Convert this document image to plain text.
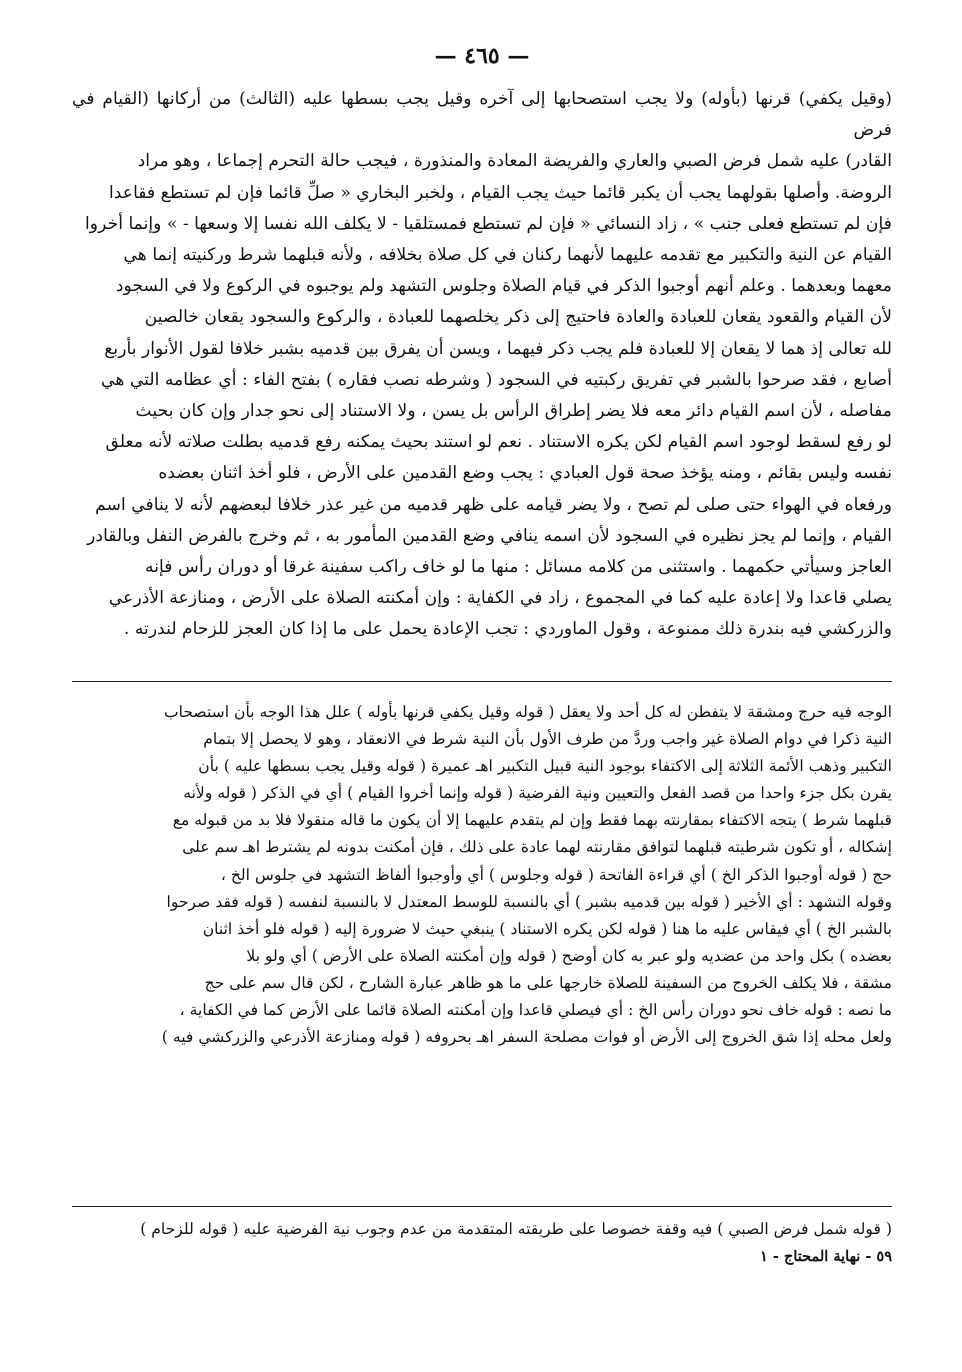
— ٤٦٥ —

(وقيل يكفي) قرنها (بأوله) ولا يجب استصحابها إلى آخره وقيل يجب بسطها عليه (الثالث) من أركانها (القيام في فرض

القادر) عليه شمل فرض الصبي والعاري والفريضة المعادة والمنذورة ، فيجب حالة التحرم إجماعا ، وهو مراد

الروضة. وأصلها بقولهما يجب أن يكبر قائما حيث يجب القيام ، ولخبر البخاري « صلِّ قائما فإن لم تستطع فقاعدا

فإن لم تستطع فعلى جنب » ، زاد النسائي « فإن لم تستطع فمستلقيا - لا يكلف الله نفسا إلا وسعها - » وإنما أخروا

القيام عن النية والتكبير مع تقدمه عليهما لأنهما ركنان في كل صلاة بخلافه ، ولأنه قبلهما شرط وركنيته إنما هي

معهما وبعدهما . وعلم أنهم أوجبوا الذكر في قيام الصلاة وجلوس التشهد ولم يوجبوه في الركوع ولا في السجود

لأن القيام والقعود يقعان للعبادة والعادة فاحتيج إلى ذكر يخلصهما للعبادة ، والركوع والسجود يقعان خالصين

لله تعالى إذ هما لا يقعان إلا للعبادة فلم يجب ذكر فيهما ، ويسن أن يفرق بين قدميه بشبر خلافا لقول الأنوار بأربع

أصابع ، فقد صرحوا بالشبر في تفريق ركبتيه في السجود ( وشرطه نصب فقاره ) بفتح الفاء : أي عظامه التي هي

مفاصله ، لأن اسم القيام دائر معه فلا يضر إطراق الرأس بل يسن ، ولا الاستناد إلى نحو جدار وإن كان بحيث

لو رفع لسقط لوجود اسم القيام لكن يكره الاستناد . نعم لو استند بحيث يمكنه رفع قدميه بطلت صلاته لأنه معلق

نفسه وليس بقائم ، ومنه يؤخذ صحة قول العبادي : يجب وضع القدمين على الأرض ، فلو أخذ اثنان بعضده

ورفعاه في الهواء حتى صلى لم تصح ، ولا يضر قيامه على ظهر قدميه من غير عذر خلافا لبعضهم لأنه لا ينافي اسم

القيام ، وإنما لم يجز نظيره في السجود لأن اسمه ينافي وضع القدمين المأمور به ، ثم وخرج بالفرض النفل وبالقادر

العاجز وسيأتي حكمهما . واستثنى من كلامه مسائل : منها ما لو خاف راكب سفينة غرقا أو دوران رأس فإنه

يصلي قاعدا ولا إعادة عليه كما في المجموع ، زاد في الكفاية : وإن أمكنته الصلاة على الأرض ، ومنازعة الأذرعي

والزركشي فيه بندرة ذلك ممنوعة ، وقول الماوردي : تجب الإعادة يحمل على ما إذا كان العجز للزحام لندرته .

الوجه فيه حرج ومشقة لا يتفطن له كل أحد ولا يعقل ( قوله وقيل يكفي قرنها بأوله ) علل هذا الوجه بأن استصحاب

النية ذكرا في دوام الصلاة غير واجب وردَّ من طرف الأول بأن النية شرط في الانعقاد ، وهو لا يحصل إلا بتمام

التكبير وذهب الأئمة الثلاثة إلى الاكتفاء بوجود النية قبيل التكبير اهـ عميرة ( قوله وقيل يجب بسطها عليه ) بأن

يقرن بكل جزء واحدا من قصد الفعل والتعيين ونية الفرضية ( قوله وإنما أخروا القيام ) أي في الذكر ( قوله ولأنه

قبلهما شرط ) يتجه الاكتفاء بمقارنته بهما فقط وإن لم يتقدم عليهما إلا أن يكون ما قاله منقولا فلا بد من قبوله مع

إشكاله ، أو تكون شرطيته قبلهما لتوافق مقارنته لهما عادة على ذلك ، فإن أمكنت بدونه لم يشترط اهـ سم على

حج ( قوله أوجبوا الذكر الخ ) أي قراءة الفاتحة ( قوله وجلوس ) أي وأوجبوا ألفاظ التشهد في جلوس الخ ،

وقوله التشهد : أي الأخير ( قوله بين قدميه بشبر ) أي بالنسبة للوسط المعتدل لا بالنسبة لنفسه ( قوله فقد صرحوا

بالشبر الخ ) أي فيقاس عليه ما هنا ( قوله لكن يكره الاستناد ) ينبغي حيث لا ضرورة إليه ( قوله فلو أخذ اثنان

بعضده ) بكل واحد من عضديه ولو عبر به كان أوضح ( قوله وإن أمكنته الصلاة على الأرض ) أي ولو بلا

مشقة ، فلا يكلف الخروج من السفينة للصلاة خارجها على ما هو ظاهر عبارة الشارح ، لكن قال سم على حج

ما نصه : قوله خاف نحو دوران رأس الخ : أي فيصلي قاعدا وإن أمكنته الصلاة قائما على الأرض كما في الكفاية ،

ولعل محله إذا شق الخروج إلى الأرض أو فوات مصلحة السفر اهـ بحروفه ( قوله ومنازعة الأذرعي والزركشي فيه )

( قوله شمل فرض الصبي ) فيه وقفة خصوصا على طريقته المتقدمة من عدم وجوب نية الفرضية عليه ( قوله للزحام )

٥٩ - نهاية المحتاج - ١
